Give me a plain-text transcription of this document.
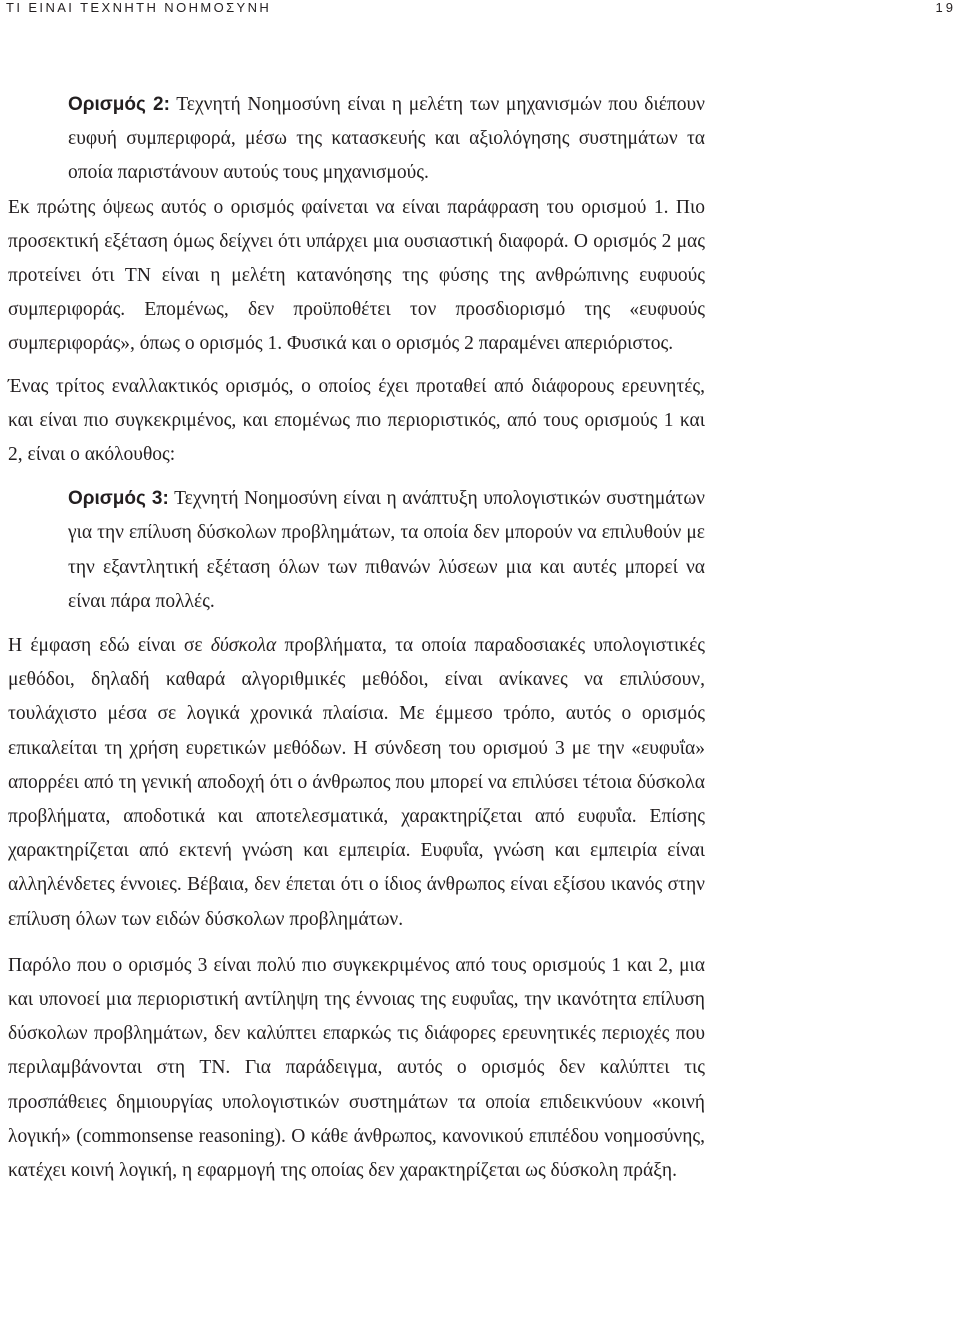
ΤΙ ΕΙΝΑΙ ΤΕΧΝΗΤΗ ΝΟΗΜΟΣΥΝΗ	19

Ορισμός 2: Τεχνητή Νοημοσύνη είναι η μελέτη των μηχανισμών που διέπουν ευφυή συμπεριφορά, μέσω της κατασκευής και αξιολόγησης συστημάτων τα οποία παριστάνουν αυτούς τους μηχανισμούς.

Εκ πρώτης όψεως αυτός ο ορισμός φαίνεται να είναι παράφραση του ορισμού 1. Πιο προσεκτική εξέταση όμως δείχνει ότι υπάρχει μια ουσιαστική διαφορά. Ο ορισμός 2 μας προτείνει ότι ΤΝ είναι η μελέτη κατανόησης της φύσης της ανθρώπινης ευφυούς συμπεριφοράς. Επομένως, δεν προϋποθέτει τον προσδιορισμό της «ευφυούς συμπεριφοράς», όπως ο ορισμός 1. Φυσικά και ο ορισμός 2 παραμένει απεριόριστος.

Ένας τρίτος εναλλακτικός ορισμός, ο οποίος έχει προταθεί από διάφορους ερευνητές, και είναι πιο συγκεκριμένος, και επομένως πιο περιοριστικός, από τους ορισμούς 1 και 2, είναι ο ακόλουθος:

Ορισμός 3: Τεχνητή Νοημοσύνη είναι η ανάπτυξη υπολογιστικών συστημάτων για την επίλυση δύσκολων προβλημάτων, τα οποία δεν μπορούν να επιλυθούν με την εξαντλητική εξέταση όλων των πιθανών λύσεων μια και αυτές μπορεί να είναι πάρα πολλές.

Η έμφαση εδώ είναι σε δύσκολα προβλήματα, τα οποία παραδοσιακές υπολογιστικές μεθόδοι, δηλαδή καθαρά αλγοριθμικές μεθόδοι, είναι ανίκανες να επιλύσουν, τουλάχιστο μέσα σε λογικά χρονικά πλαίσια. Με έμμεσο τρόπο, αυτός ο ορισμός επικαλείται τη χρήση ευρετικών μεθόδων. Η σύνδεση του ορισμού 3 με την «ευφυΐα» απορρέει από τη γενική αποδοχή ότι ο άνθρωπος που μπορεί να επιλύσει τέτοια δύσκολα προβλήματα, αποδοτικά και αποτελεσματικά, χαρακτηρίζεται από ευφυΐα. Επίσης χαρακτηρίζεται από εκτενή γνώση και εμπειρία. Ευφυΐα, γνώση και εμπειρία είναι αλληλένδετες έννοιες. Βέβαια, δεν έπεται ότι ο ίδιος άνθρωπος είναι εξίσου ικανός στην επίλυση όλων των ειδών δύσκολων προβλημάτων.

Παρόλο που ο ορισμός 3 είναι πολύ πιο συγκεκριμένος από τους ορισμούς 1 και 2, μια και υπονοεί μια περιοριστική αντίληψη της έννοιας της ευφυΐας, την ικανότητα επίλυση δύσκολων προβλημάτων, δεν καλύπτει επαρκώς τις διάφορες ερευνητικές περιοχές που περιλαμβάνονται στη ΤΝ. Για παράδειγμα, αυτός ο ορισμός δεν καλύπτει τις προσπάθειες δημιουργίας υπολογιστικών συστημάτων τα οποία επιδεικνύουν «κοινή λογική» (commonsense reasoning). Ο κάθε άνθρωπος, κανονικού επιπέδου νοημοσύνης, κατέχει κοινή λογική, η εφαρμογή της οποίας δεν χαρακτηρίζεται ως δύσκολη πράξη.
